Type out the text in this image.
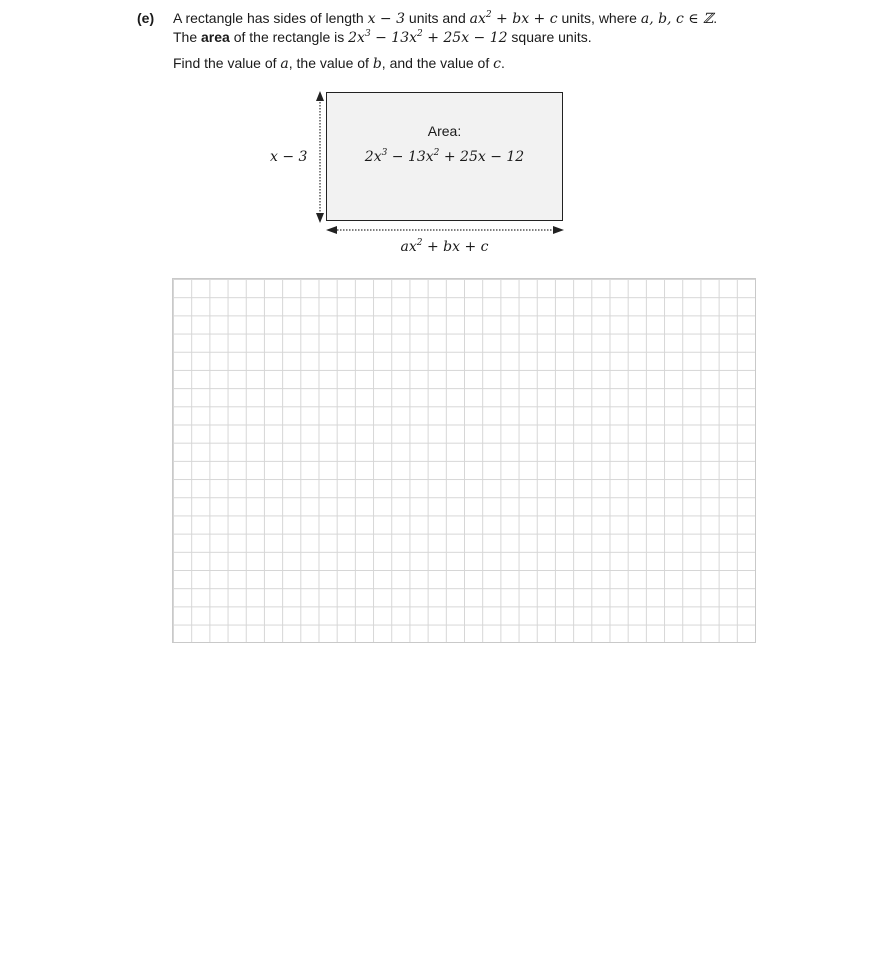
(e) A rectangle has sides of length x − 3 units and $ax^2$ + bx + c units, where a, b, c ∈ ℤ.
The area of the rectangle is $2x^3 - 13x^2 + 25x - 12$ square units.
Find the value of a, the value of b, and the value of c.
Area:
$2x^3 - 13x^2 + 25x - 12$
x − 3
$ax^2$ + bx + c
